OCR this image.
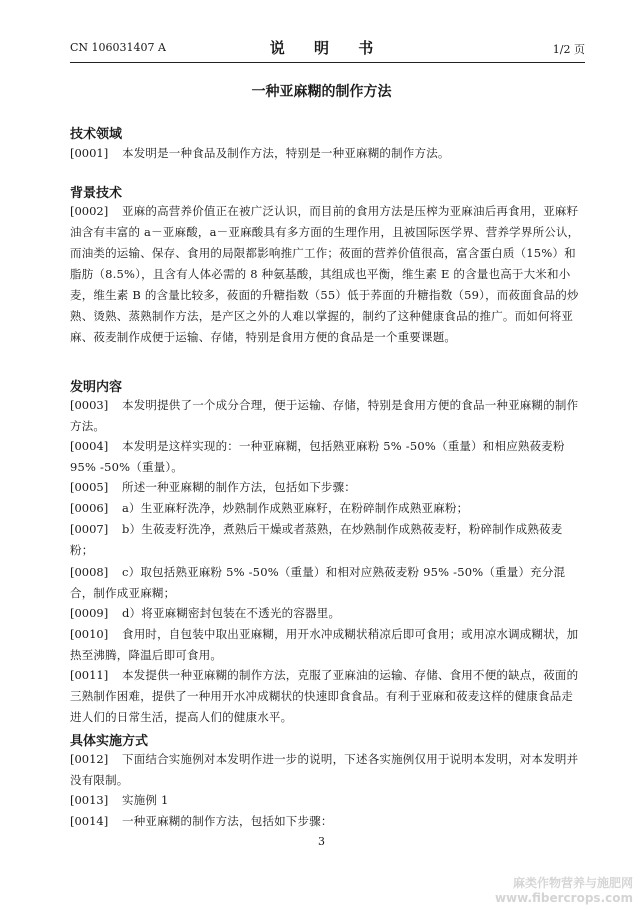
CN 106031407 A	说 明 书	1/2 页
一种亚麻糊的制作方法
技术领域
[0001] 本发明是一种食品及制作方法，特别是一种亚麻糊的制作方法。
背景技术
[0002] 亚麻的高营养价值正在被广泛认识，而目前的食用方法是压榨为亚麻油后再食用，亚麻籽油含有丰富的 a－亚麻酸，a－亚麻酸具有多方面的生理作用，且被国际医学界、营养学界所公认，而油类的运输、保存、食用的局限都影响推广工作；莜面的营养价值很高，富含蛋白质（15%）和脂肪（8.5%），且含有人体必需的 8 种氨基酸，其组成也平衡，维生素 E 的含量也高于大米和小麦，维生素 B 的含量比较多，莜面的升糖指数（55）低于荞面的升糖指数（59），而莜面食品的炒熟、烫熟、蒸熟制作方法，是产区之外的人难以掌握的，制约了这种健康食品的推广。而如何将亚麻、莜麦制作成便于运输、存储，特别是食用方便的食品是一个重要课题。
发明内容
[0003] 本发明提供了一个成分合理，便于运输、存储，特别是食用方便的食品一种亚麻糊的制作方法。
[0004] 本发明是这样实现的：一种亚麻糊，包括熟亚麻粉 5% -50%（重量）和相应熟莜麦粉 95% -50%（重量）。
[0005] 所述一种亚麻糊的制作方法，包括如下步骤：
[0006] a）生亚麻籽洗净，炒熟制作成熟亚麻籽，在粉碎制作成熟亚麻粉；
[0007] b）生莜麦籽洗净，煮熟后干燥或者蒸熟，在炒熟制作成熟莜麦籽，粉碎制作成熟莜麦粉；
[0008] c）取包括熟亚麻粉 5% -50%（重量）和相对应熟莜麦粉 95% -50%（重量）充分混合，制作成亚麻糊；
[0009] d）将亚麻糊密封包装在不透光的容器里。
[0010] 食用时，自包装中取出亚麻糊，用开水冲成糊状稍凉后即可食用；或用凉水调成糊状，加热至沸腾，降温后即可食用。
[0011] 本发提供一种亚麻糊的制作方法，克服了亚麻油的运输、存储、食用不便的缺点，莜面的三熟制作困难，提供了一种用开水冲成糊状的快速即食食品。有利于亚麻和莜麦这样的健康食品走进人们的日常生活，提高人们的健康水平。
具体实施方式
[0012] 下面结合实施例对本发明作进一步的说明，下述各实施例仅用于说明本发明，对本发明并没有限制。
[0013] 实施例 1
[0014] 一种亚麻糊的制作方法，包括如下步骤：
3
麻类作物营养与施肥网
www.fibercrops.com
